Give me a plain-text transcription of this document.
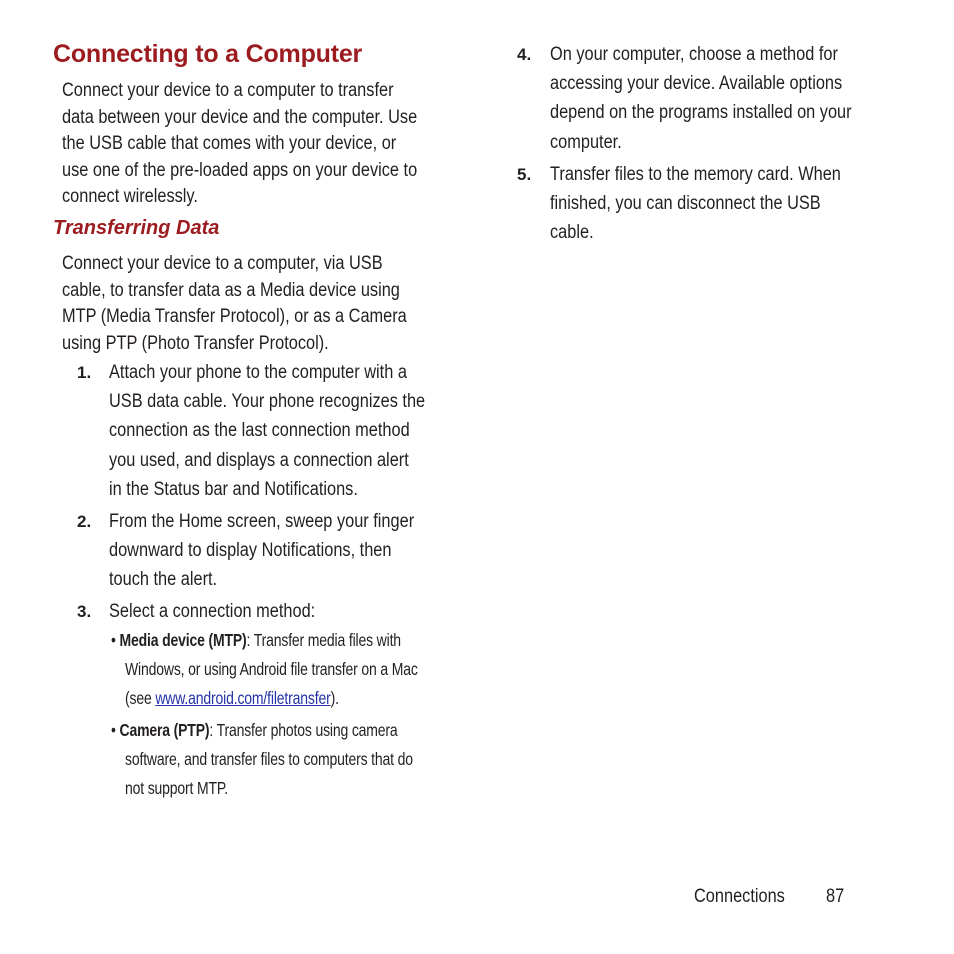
Connecting to a Computer

Connect your device to a computer to transfer
data between your device and the computer. Use
the USB cable that comes with your device, or
use one of the pre-loaded apps on your device to
connect wirelessly.

Transferring Data

Connect your device to a computer, via USB
cable, to transfer data as a Media device using
MTP (Media Transfer Protocol), or as a Camera
using PTP (Photo Transfer Protocol).

1. Attach your phone to the computer with a
USB data cable. Your phone recognizes the
connection as the last connection method
you used, and displays a connection alert
in the Status bar and Notifications.

2. From the Home screen, sweep your finger
downward to display Notifications, then
touch the alert.

3. Select a connection method:

• Media device (MTP): Transfer media files with

Windows, or using Android file transfer on a Mac

(see www.android.com/filetransfer).

• Camera (PTP): Transfer photos using camera

software, and transfer files to computers that do

not support MTP.

4. On your computer, choose a method for
accessing your device. Available options
depend on the programs installed on your
computer.

5. Transfer files to the memory card. When
finished, you can disconnect the USB
cable.

Connections 87
